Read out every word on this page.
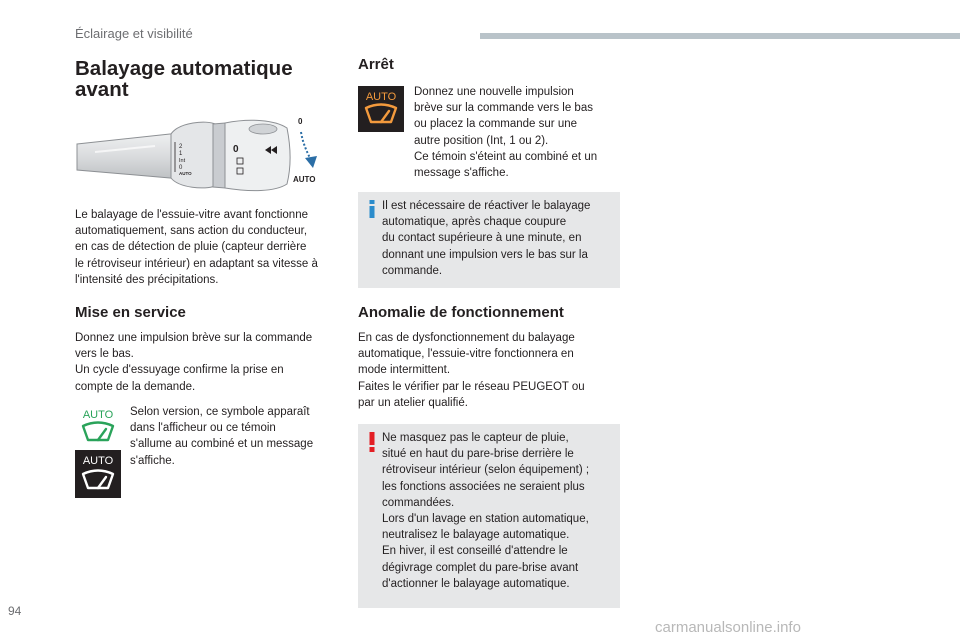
Éclairage et visibilité
Balayage automatique
avant
2
1
Int
0
AUTO
0
0
AUTO
Le balayage de l'essuie-vitre avant fonctionne
automatiquement, sans action du conducteur,
en cas de détection de pluie (capteur derrière
le rétroviseur intérieur) en adaptant sa vitesse à
l'intensité des précipitations.
Mise en service
Donnez une impulsion brève sur la commande
vers le bas.
Un cycle d'essuyage confirme la prise en
compte de la demande.
AUTO
AUTO
Selon version, ce symbole apparaît
dans l'afficheur ou ce témoin
s'allume au combiné et un message
s'affiche.
Arrêt
AUTO Donnez une nouvelle impulsion
brève sur la commande vers le bas
ou placez la commande sur une
autre position (Int, 1 ou 2).
Ce témoin s'éteint au combiné et un
message s'affiche.
Il est nécessaire de réactiver le balayage
automatique, après chaque coupure
du contact supérieure à une minute, en
donnant une impulsion vers le bas sur la
commande.
Anomalie de fonctionnement
En cas de dysfonctionnement du balayage
automatique, l'essuie-vitre fonctionnera en
mode intermittent.
Faites le vérifier par le réseau PEUGEOT ou
par un atelier qualifié.
Ne masquez pas le capteur de pluie,
situé en haut du pare-brise derrière le
rétroviseur intérieur (selon équipement) ;
les fonctions associées ne seraient plus
commandées.
Lors d'un lavage en station automatique,
neutralisez le balayage automatique.
En hiver, il est conseillé d'attendre le
dégivrage complet du pare-brise avant
d'actionner le balayage automatique.
94
carmanualsonline.info
